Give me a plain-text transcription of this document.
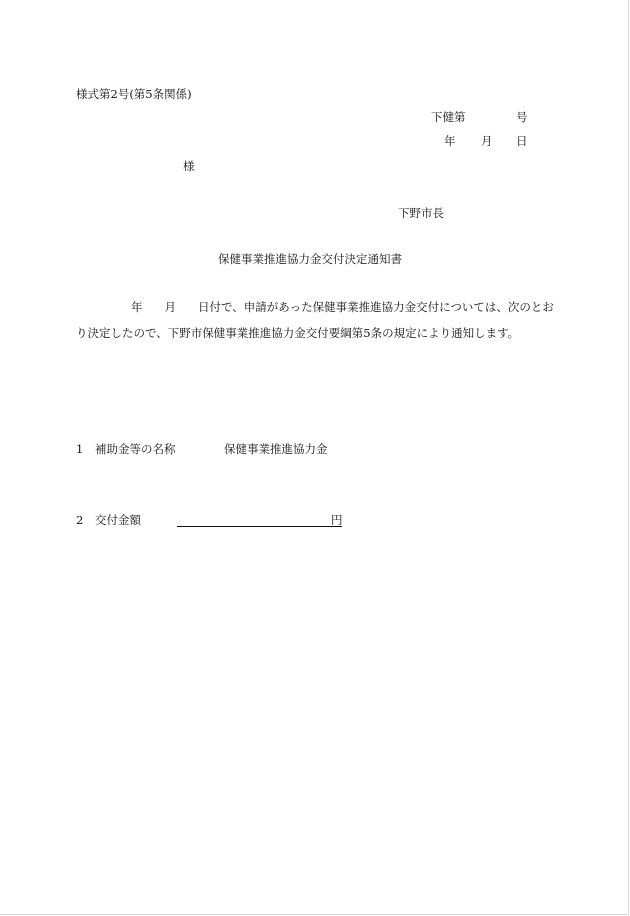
様式第2号(第5条関係)
下健第	号
年 月 日
様
下野市長
保健事業推進協力金交付決定通知書
年 月 日付で、申請があった保健事業推進協力金交付については、次のとおり決定したので、下野市保健事業推進協力金交付要綱第5条の規定により通知します。
1 補助金等の名称	保健事業推進協力金
2 交付金額	円
